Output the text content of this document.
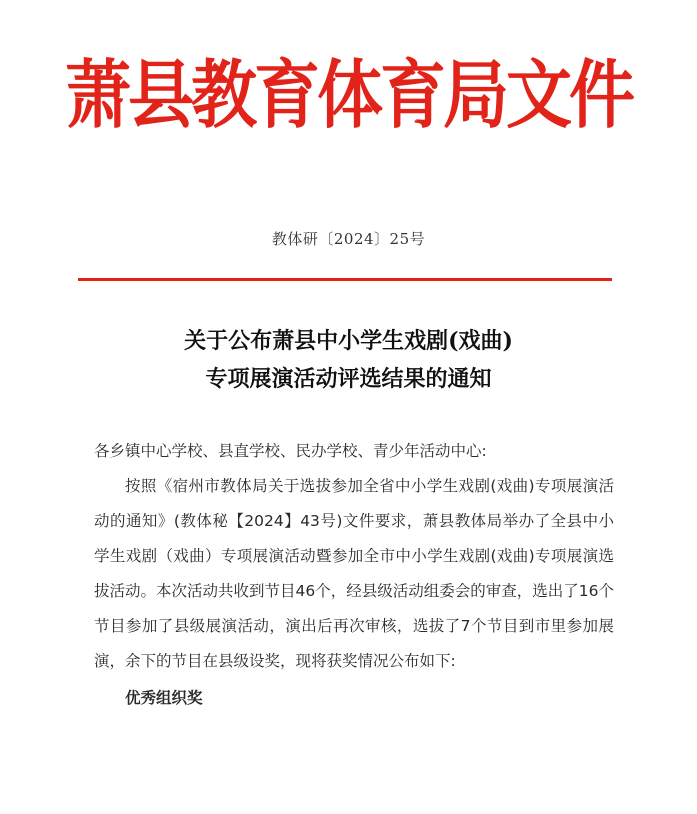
萧县教育体育局文件
教体研〔2024〕25号
关于公布萧县中小学生戏剧(戏曲)
专项展演活动评选结果的通知
各乡镇中心学校、县直学校、民办学校、青少年活动中心:
按照《宿州市教体局关于选拔参加全省中小学生戏剧(戏曲)专项展演活动的通知》(教体秘【2024】43号)文件要求，萧县教体局举办了全县中小学生戏剧（戏曲）专项展演活动暨参加全市中小学生戏剧(戏曲)专项展演选拔活动。本次活动共收到节目46个，经县级活动组委会的审查，选出了16个节目参加了县级展演活动，演出后再次审核，选拔了7个节目到市里参加展演，余下的节目在县级设奖，现将获奖情况公布如下:
优秀组织奖
